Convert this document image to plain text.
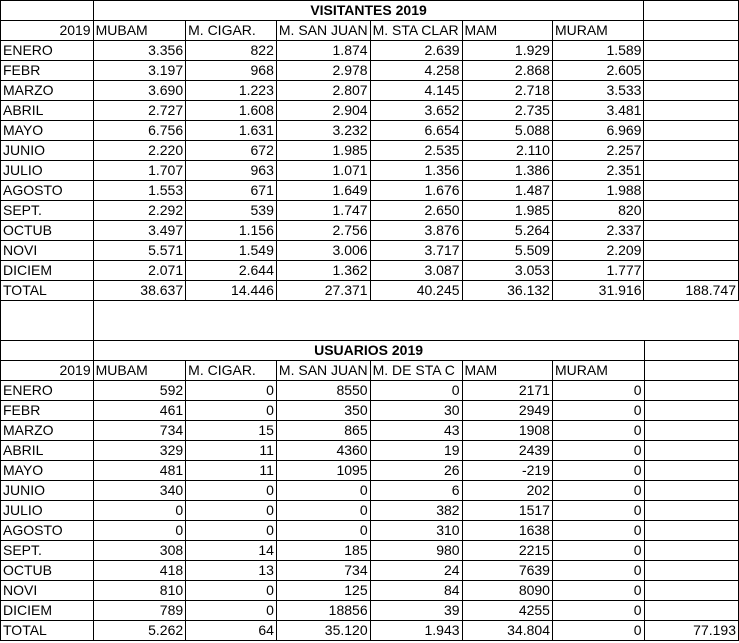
	VISITANTES 2019						
2019	MUBAM	M. CIGAR.	M. SAN JUAN	M. STA CLAR	MAM	MURAM	
ENERO	3.356	822	1.874	2.639	1.929	1.589	
FEBR	3.197	968	2.978	4.258	2.868	2.605	
MARZO	3.690	1.223	2.807	4.145	2.718	3.533	
ABRIL	2.727	1.608	2.904	3.652	2.735	3.481	
MAYO	6.756	1.631	3.232	6.654	5.088	6.969	
JUNIO	2.220	672	1.985	2.535	2.110	2.257	
JULIO	1.707	963	1.071	1.356	1.386	2.351	
AGOSTO	1.553	671	1.649	1.676	1.487	1.988	
SEPT.	2.292	539	1.747	2.650	1.985	820	
OCTUB	3.497	1.156	2.756	3.876	5.264	2.337	
NOVI	5.571	1.549	3.006	3.717	5.509	2.209	
DICIEM	2.071	2.644	1.362	3.087	3.053	1.777	
TOTAL	38.637	14.446	27.371	40.245	36.132	31.916	188.747
	USUARIOS 2019						
2019	MUBAM	M. CIGAR.	M. SAN JUAN	M. DE STA C	MAM	MURAM	
ENERO	592	0	8550	0	2171	0	
FEBR	461	0	350	30	2949	0	
MARZO	734	15	865	43	1908	0	
ABRIL	329	11	4360	19	2439	0	
MAYO	481	11	1095	26	-219	0	
JUNIO	340	0	0	6	202	0	
JULIO	0	0	0	382	1517	0	
AGOSTO	0	0	0	310	1638	0	
SEPT.	308	14	185	980	2215	0	
OCTUB	418	13	734	24	7639	0	
NOVI	810	0	125	84	8090	0	
DICIEM	789	0	18856	39	4255	0	
TOTAL	5.262	64	35.120	1.943	34.804	0	77.193
